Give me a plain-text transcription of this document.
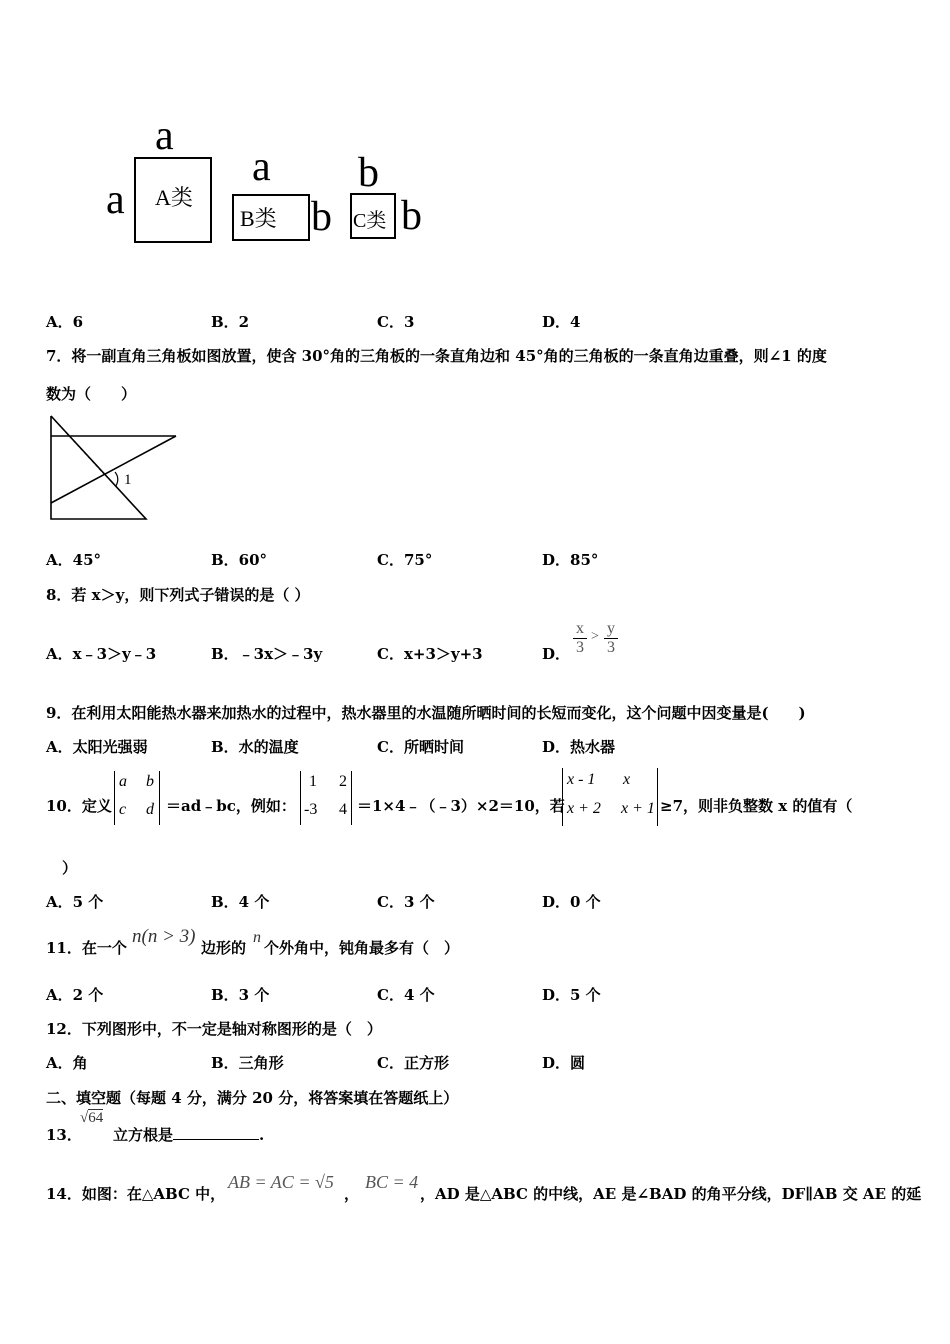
a
a A类
a
B类 b
b
C类 b
A．6	B．2	C．3	D．4
7．将一副直角三角板如图放置，使含 30°角的三角板的一条直角边和 45°角的三角板的一条直角边重叠，则∠1 的度
数为（　　）
1
A．45°	B．60°	C．75°	D．85°
8．若 x＞y，则下列式子错误的是（ ）
A．x﹣3＞y﹣3	B．﹣3x＞﹣3y	C．x+3＞y+3	D． $\frac{x}{3} > \frac{y}{3}$
9．在利用太阳能热水器来加热水的过程中，热水器里的水温随所晒时间的长短而变化，这个问题中因变量是(　　)
A．太阳光强弱	B．水的温度	C．所晒时间	D．热水器
10．定义
a b
c d ＝ad﹣bc，例如：
1 2
-3 4 ＝1×4﹣（﹣3）×2＝10，若
x - 1 x
x + 2 x + 1 ≥7，则非负整数 x 的值有（
）
A．5 个	B．4 个	C．3 个	D．0 个
11．在一个
n(n > 3)
边形的
n
个外角中，钝角最多有（　）
A．2 个	B．3 个	C．4 个	D．5 个
12．下列图形中，不一定是轴对称图形的是（　）
A．角	B．三角形	C．正方形	D．圆
二、填空题（每题 4 分，满分 20 分，将答案填在答题纸上）
13．
√64
立方根是	.
14．如图：在△ABC 中，
AB = AC = √5
，
BC = 4
，AD 是△ABC 的中线，AE 是∠BAD 的角平分线，DF∥AB 交 AE 的延
